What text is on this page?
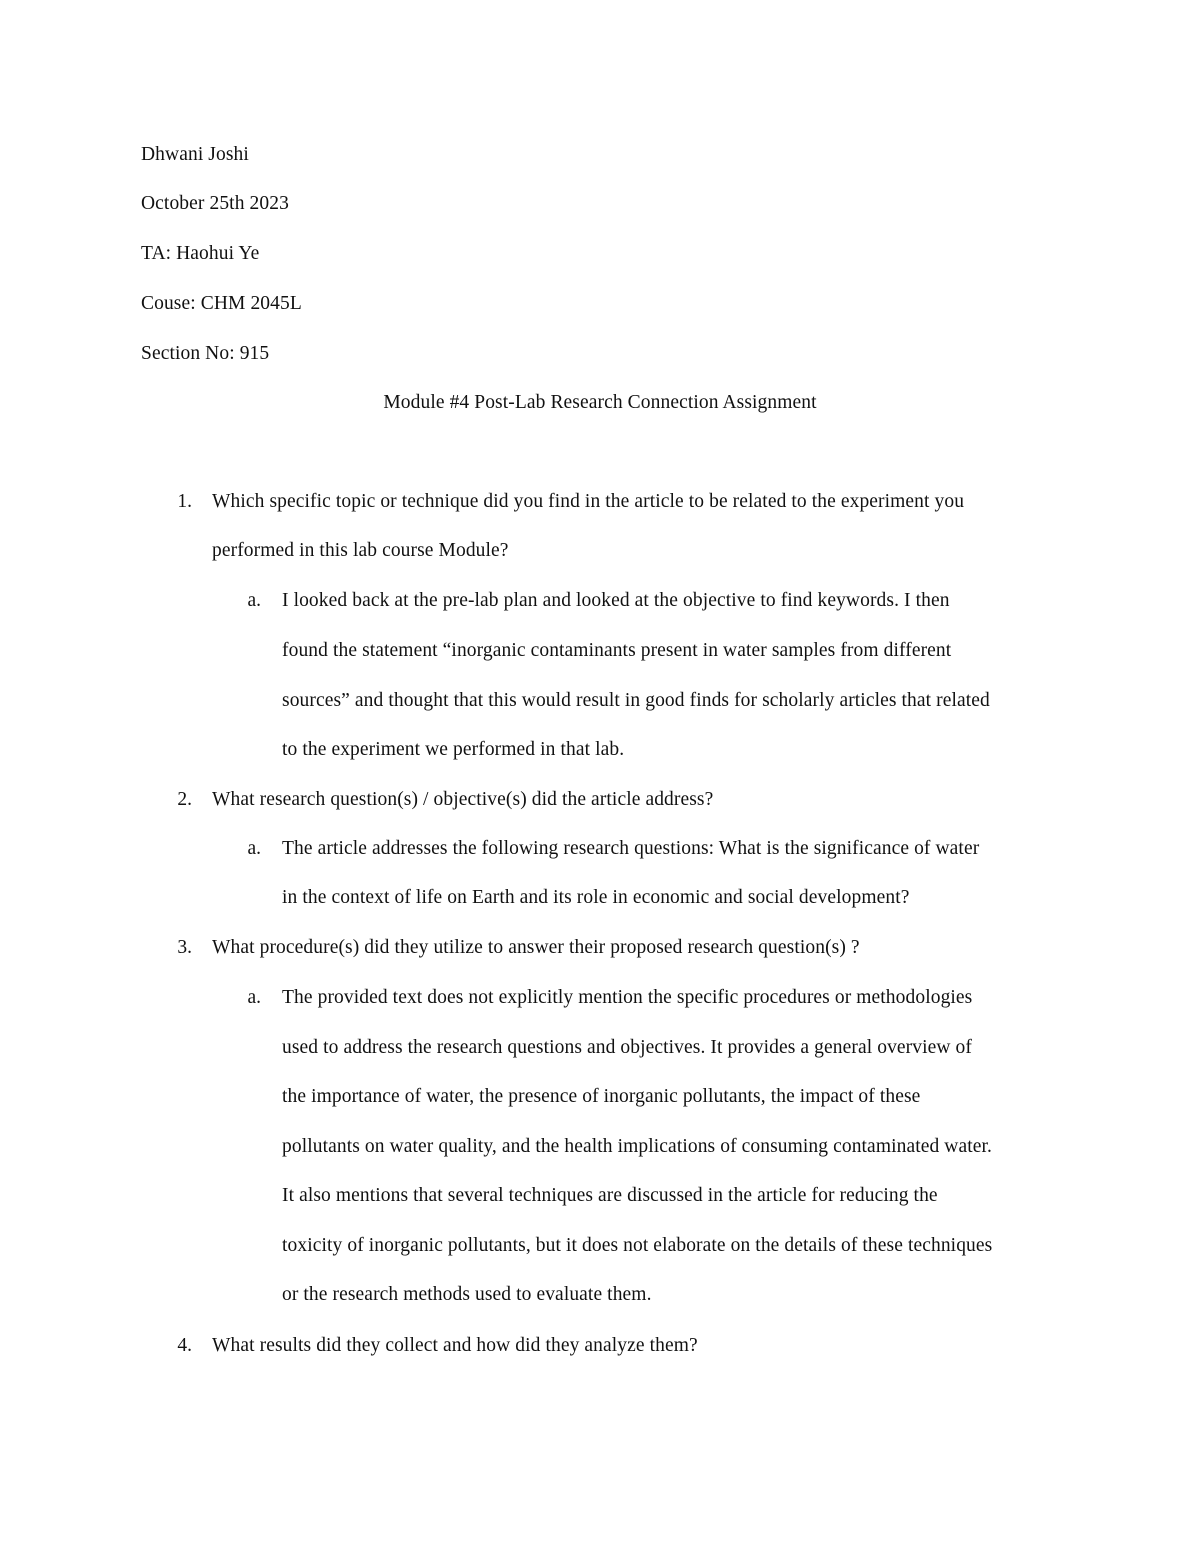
Dhwani Joshi
October 25th 2023
TA: Haohui Ye
Couse: CHM 2045L
Section No: 915
Module #4 Post-Lab Research Connection Assignment
1. Which specific topic or technique did you find in the article to be related to the experiment you
performed in this lab course Module?
a. I looked back at the pre-lab plan and looked at the objective to find keywords. I then
found the statement “inorganic contaminants present in water samples from different
sources” and thought that this would result in good finds for scholarly articles that related
to the experiment we performed in that lab.
2. What research question(s) / objective(s) did the article address?
a. The article addresses the following research questions: What is the significance of water
in the context of life on Earth and its role in economic and social development?
3. What procedure(s) did they utilize to answer their proposed research question(s) ?
a. The provided text does not explicitly mention the specific procedures or methodologies
used to address the research questions and objectives. It provides a general overview of
the importance of water, the presence of inorganic pollutants, the impact of these
pollutants on water quality, and the health implications of consuming contaminated water.
It also mentions that several techniques are discussed in the article for reducing the
toxicity of inorganic pollutants, but it does not elaborate on the details of these techniques
or the research methods used to evaluate them.
4. What results did they collect and how did they analyze them?
